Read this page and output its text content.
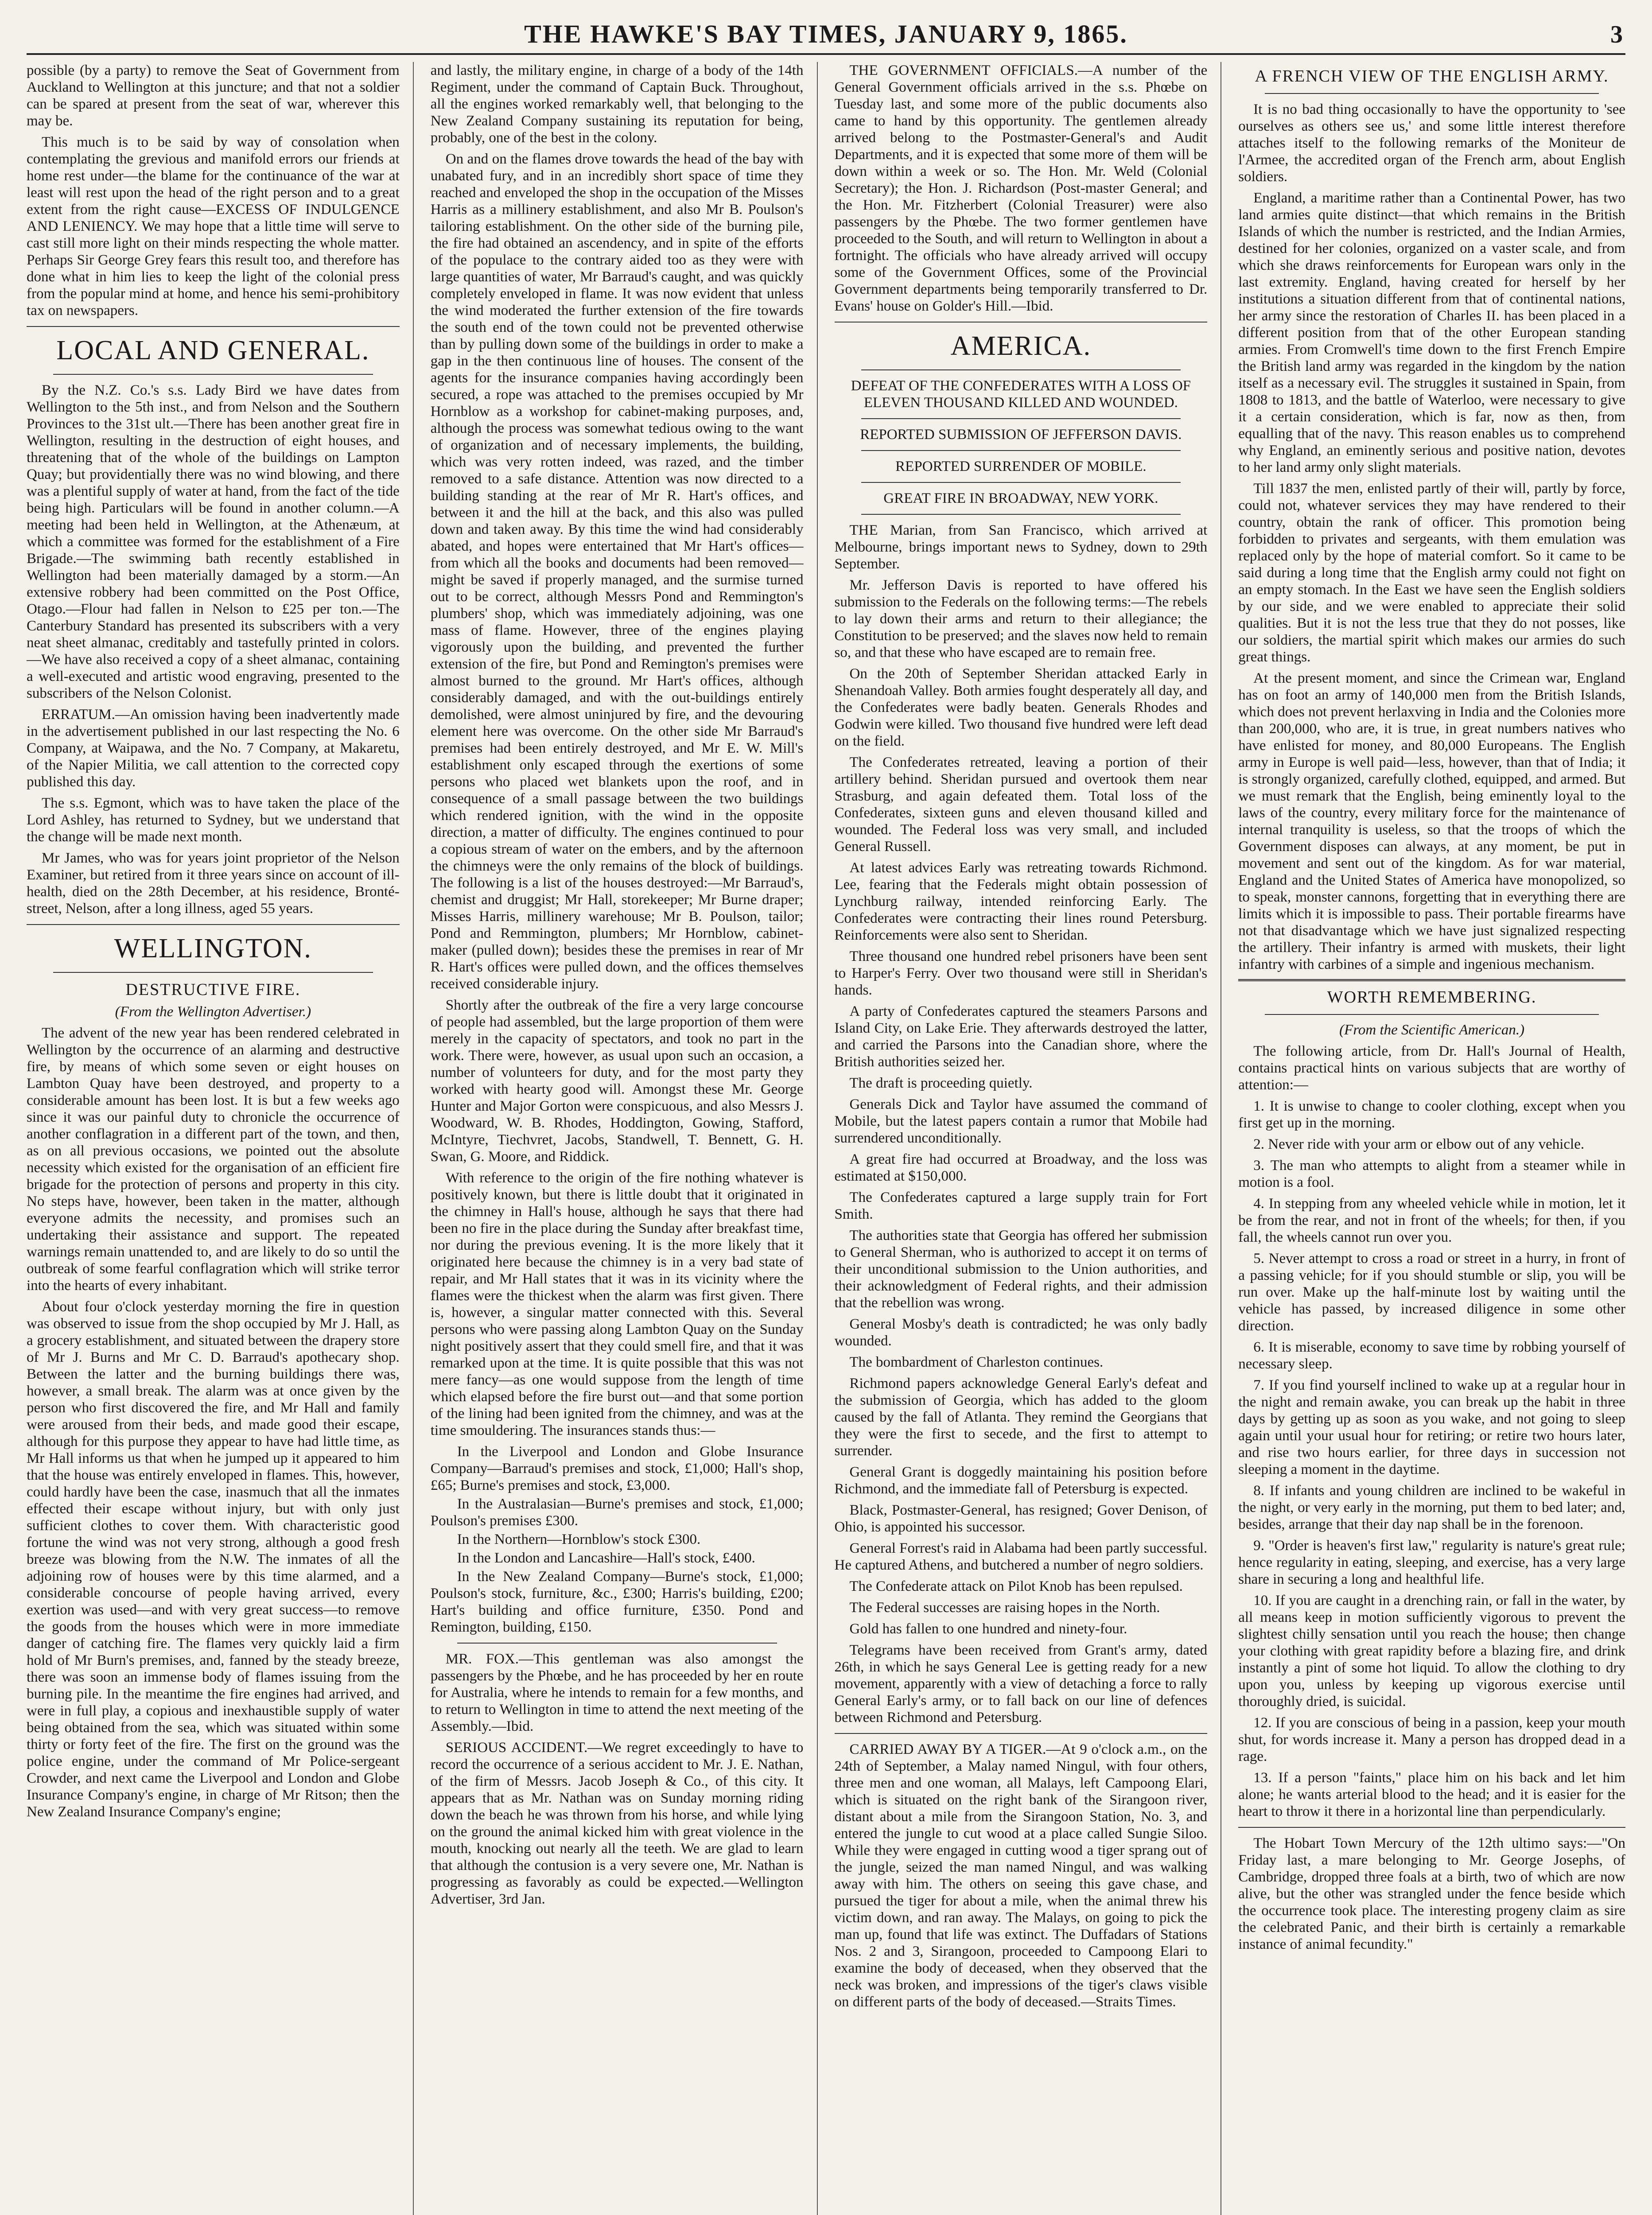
THE HAWKE'S BAY TIMES, JANUARY 9, 1865.	3

possible (by a party) to remove the Seat of Government from Auckland to Wellington at this juncture; and that not a soldier can be spared at present from the seat of war, wherever this may be.

This much is to be said by way of consolation when contemplating the grevious and manifold errors our friends at home rest under—the blame for the continuance of the war at least will rest upon the head of the right person and to a great extent from the right cause—EXCESS OF INDULGENCE AND LENIENCY. We may hope that a little time will serve to cast still more light on their minds respecting the whole matter. Perhaps Sir George Grey fears this result too, and therefore has done what in him lies to keep the light of the colonial press from the popular mind at home, and hence his semi-prohibitory tax on newspapers.

LOCAL AND GENERAL.

By the N.Z. Co.'s s.s. Lady Bird we have dates from Wellington to the 5th inst., and from Nelson and the Southern Provinces to the 31st ult.—There has been another great fire in Wellington, resulting in the destruction of eight houses, and threatening that of the whole of the buildings on Lampton Quay; but providentially there was no wind blowing, and there was a plentiful supply of water at hand, from the fact of the tide being high. Particulars will be found in another column.—A meeting had been held in Wellington, at the Athenæum, at which a committee was formed for the establishment of a Fire Brigade.—The swimming bath recently established in Wellington had been materially damaged by a storm.—An extensive robbery had been committed on the Post Office, Otago.—Flour had fallen in Nelson to £25 per ton.—The Canterbury Standard has presented its subscribers with a very neat sheet almanac, creditably and tastefully printed in colors.—We have also received a copy of a sheet almanac, containing a well-executed and artistic wood engraving, presented to the subscribers of the Nelson Colonist.

ERRATUM.—An omission having been inadvertently made in the advertisement published in our last respecting the No. 6 Company, at Waipawa, and the No. 7 Company, at Makaretu, of the Napier Militia, we call attention to the corrected copy published this day.

The s.s. Egmont, which was to have taken the place of the Lord Ashley, has returned to Sydney, but we understand that the change will be made next month.

Mr James, who was for years joint proprietor of the Nelson Examiner, but retired from it three years since on account of ill-health, died on the 28th December, at his residence, Bronté-street, Nelson, after a long illness, aged 55 years.

WELLINGTON.
DESTRUCTIVE FIRE.
(From the Wellington Advertiser.)

The advent of the new year has been rendered celebrated in Wellington by the occurrence of an alarming and destructive fire, by means of which some seven or eight houses on Lambton Quay have been destroyed, and property to a considerable amount has been lost. It is but a few weeks ago since it was our painful duty to chronicle the occurrence of another conflagration in a different part of the town, and then, as on all previous occasions, we pointed out the absolute necessity which existed for the organisation of an efficient fire brigade for the protection of persons and property in this city. No steps have, however, been taken in the matter, although everyone admits the necessity, and promises such an undertaking their assistance and support. The repeated warnings remain unattended to, and are likely to do so until the outbreak of some fearful conflagration which will strike terror into the hearts of every inhabitant.

About four o'clock yesterday morning the fire in question was observed to issue from the shop occupied by Mr J. Hall, as a grocery establishment, and situated between the drapery store of Mr J. Burns and Mr C. D. Barraud's apothecary shop. Between the latter and the burning buildings there was, however, a small break. The alarm was at once given by the person who first discovered the fire, and Mr Hall and family were aroused from their beds, and made good their escape, although for this purpose they appear to have had little time, as Mr Hall informs us that when he jumped up it appeared to him that the house was entirely enveloped in flames. This, however, could hardly have been the case, inasmuch that all the inmates effected their escape without injury, but with only just sufficient clothes to cover them. With characteristic good fortune the wind was not very strong, although a good fresh breeze was blowing from the N.W. The inmates of all the adjoining row of houses were by this time alarmed, and a considerable concourse of people having arrived, every exertion was used—and with very great success—to remove the goods from the houses which were in more immediate danger of catching fire. The flames very quickly laid a firm hold of Mr Burn's premises, and, fanned by the steady breeze, there was soon an immense body of flames issuing from the burning pile. In the meantime the fire engines had arrived, and were in full play, a copious and inexhaustible supply of water being obtained from the sea, which was situated within some thirty or forty feet of the fire. The first on the ground was the police engine, under the command of Mr Police-sergeant Crowder, and next came the Liverpool and London and Globe Insurance Company's engine, in charge of Mr Ritson; then the New Zealand Insurance Company's engine;

and lastly, the military engine, in charge of a body of the 14th Regiment, under the command of Captain Buck. Throughout, all the engines worked remarkably well, that belonging to the New Zealand Company sustaining its reputation for being, probably, one of the best in the colony.

On and on the flames drove towards the head of the bay with unabated fury, and in an incredibly short space of time they reached and enveloped the shop in the occupation of the Misses Harris as a millinery establishment, and also Mr B. Poulson's tailoring establishment. On the other side of the burning pile, the fire had obtained an ascendency, and in spite of the efforts of the populace to the contrary aided too as they were with large quantities of water, Mr Barraud's caught, and was quickly completely enveloped in flame. It was now evident that unless the wind moderated the further extension of the fire towards the south end of the town could not be prevented otherwise than by pulling down some of the buildings in order to make a gap in the then continuous line of houses. The consent of the agents for the insurance companies having accordingly been secured, a rope was attached to the premises occupied by Mr Hornblow as a workshop for cabinet-making purposes, and, although the process was somewhat tedious owing to the want of organization and of necessary implements, the building, which was very rotten indeed, was razed, and the timber removed to a safe distance. Attention was now directed to a building standing at the rear of Mr R. Hart's offices, and between it and the hill at the back, and this also was pulled down and taken away. By this time the wind had considerably abated, and hopes were entertained that Mr Hart's offices—from which all the books and documents had been removed—might be saved if properly managed, and the surmise turned out to be correct, although Messrs Pond and Remmington's plumbers' shop, which was immediately adjoining, was one mass of flame. However, three of the engines playing vigorously upon the building, and prevented the further extension of the fire, but Pond and Remington's premises were almost burned to the ground. Mr Hart's offices, although considerably damaged, and with the out-buildings entirely demolished, were almost uninjured by fire, and the devouring element here was overcome. On the other side Mr Barraud's premises had been entirely destroyed, and Mr E. W. Mill's establishment only escaped through the exertions of some persons who placed wet blankets upon the roof, and in consequence of a small passage between the two buildings which rendered ignition, with the wind in the opposite direction, a matter of difficulty. The engines continued to pour a copious stream of water on the embers, and by the afternoon the chimneys were the only remains of the block of buildings. The following is a list of the houses destroyed:—Mr Barraud's, chemist and druggist; Mr Hall, storekeeper; Mr Burne draper; Misses Harris, millinery warehouse; Mr B. Poulson, tailor; Pond and Remmington, plumbers; Mr Hornblow, cabinet-maker (pulled down); besides these the premises in rear of Mr R. Hart's offices were pulled down, and the offices themselves received considerable injury.

Shortly after the outbreak of the fire a very large concourse of people had assembled, but the large proportion of them were merely in the capacity of spectators, and took no part in the work. There were, however, as usual upon such an occasion, a number of volunteers for duty, and for the most party they worked with hearty good will. Amongst these Mr. George Hunter and Major Gorton were conspicuous, and also Messrs J. Woodward, W. B. Rhodes, Hoddington, Gowing, Stafford, McIntyre, Tiechvret, Jacobs, Standwell, T. Bennett, G. H. Swan, G. Moore, and Riddick.

With reference to the origin of the fire nothing whatever is positively known, but there is little doubt that it originated in the chimney in Hall's house, although he says that there had been no fire in the place during the Sunday after breakfast time, nor during the previous evening. It is the more likely that it originated here because the chimney is in a very bad state of repair, and Mr Hall states that it was in its vicinity where the flames were the thickest when the alarm was first given. There is, however, a singular matter connected with this. Several persons who were passing along Lambton Quay on the Sunday night positively assert that they could smell fire, and that it was remarked upon at the time. It is quite possible that this was not mere fancy—as one would suppose from the length of time which elapsed before the fire burst out—and that some portion of the lining had been ignited from the chimney, and was at the time smouldering. The insurances stands thus:—

In the Liverpool and London and Globe Insurance Company—Barraud's premises and stock, £1,000; Hall's shop, £65; Burne's premises and stock, £3,000.

In the Australasian—Burne's premises and stock, £1,000; Poulson's premises £300.

In the Northern—Hornblow's stock £300.

In the London and Lancashire—Hall's stock, £400.

In the New Zealand Company—Burne's stock, £1,000; Poulson's stock, furniture, &c., £300; Harris's building, £200; Hart's building and office furniture, £350. Pond and Remington, building, £150.

MR. FOX.—This gentleman was also amongst the passengers by the Phœbe, and he has proceeded by her en route for Australia, where he intends to remain for a few months, and to return to Wellington in time to attend the next meeting of the Assembly.—Ibid.

SERIOUS ACCIDENT.—We regret exceedingly to have to record the occurrence of a serious accident to Mr. J. E. Nathan, of the firm of Messrs. Jacob Joseph & Co., of this city. It appears that as Mr. Nathan was on Sunday morning riding down the beach he was thrown from his horse, and while lying on the ground the animal kicked him with great violence in the mouth, knocking out nearly all the teeth. We are glad to learn that although the contusion is a very severe one, Mr. Nathan is progressing as favorably as could be expected.—Wellington Advertiser, 3rd Jan.

THE GOVERNMENT OFFICIALS.—A number of the General Government officials arrived in the s.s. Phœbe on Tuesday last, and some more of the public documents also came to hand by this opportunity. The gentlemen already arrived belong to the Postmaster-General's and Audit Departments, and it is expected that some more of them will be down within a week or so. The Hon. Mr. Weld (Colonial Secretary); the Hon. J. Richardson (Post-master General; and the Hon. Mr. Fitzherbert (Colonial Treasurer) were also passengers by the Phœbe. The two former gentlemen have proceeded to the South, and will return to Wellington in about a fortnight. The officials who have already arrived will occupy some of the Government Offices, some of the Provincial Government departments being temporarily transferred to Dr. Evans' house on Golder's Hill.—Ibid.

AMERICA.
DEFEAT OF THE CONFEDERATES WITH A LOSS OF ELEVEN THOUSAND KILLED AND WOUNDED.
REPORTED SUBMISSION OF JEFFERSON DAVIS.
REPORTED SURRENDER OF MOBILE.
GREAT FIRE IN BROADWAY, NEW YORK.

THE Marian, from San Francisco, which arrived at Melbourne, brings important news to Sydney, down to 29th September.

Mr. Jefferson Davis is reported to have offered his submission to the Federals on the following terms:—The rebels to lay down their arms and return to their allegiance; the Constitution to be preserved; and the slaves now held to remain so, and that these who have escaped are to remain free.

On the 20th of September Sheridan attacked Early in Shenandoah Valley. Both armies fought desperately all day, and the Confederates were badly beaten. Generals Rhodes and Godwin were killed. Two thousand five hundred were left dead on the field.

The Confederates retreated, leaving a portion of their artillery behind. Sheridan pursued and overtook them near Strasburg, and again defeated them. Total loss of the Confederates, sixteen guns and eleven thousand killed and wounded. The Federal loss was very small, and included General Russell.

At latest advices Early was retreating towards Richmond. Lee, fearing that the Federals might obtain possession of Lynchburg railway, intended reinforcing Early. The Confederates were contracting their lines round Petersburg. Reinforcements were also sent to Sheridan.

Three thousand one hundred rebel prisoners have been sent to Harper's Ferry. Over two thousand were still in Sheridan's hands.

A party of Confederates captured the steamers Parsons and Island City, on Lake Erie. They afterwards destroyed the latter, and carried the Parsons into the Canadian shore, where the British authorities seized her.

The draft is proceeding quietly.

Generals Dick and Taylor have assumed the command of Mobile, but the latest papers contain a rumor that Mobile had surrendered unconditionally.

A great fire had occurred at Broadway, and the loss was estimated at $150,000.

The Confederates captured a large supply train for Fort Smith.

The authorities state that Georgia has offered her submission to General Sherman, who is authorized to accept it on terms of their unconditional submission to the Union authorities, and their acknowledgment of Federal rights, and their admission that the rebellion was wrong.

General Mosby's death is contradicted; he was only badly wounded.

The bombardment of Charleston continues.

Richmond papers acknowledge General Early's defeat and the submission of Georgia, which has added to the gloom caused by the fall of Atlanta. They remind the Georgians that they were the first to secede, and the first to attempt to surrender.

General Grant is doggedly maintaining his position before Richmond, and the immediate fall of Petersburg is expected.

Black, Postmaster-General, has resigned; Gover Denison, of Ohio, is appointed his successor.

General Forrest's raid in Alabama had been partly successful. He captured Athens, and butchered a number of negro soldiers.

The Confederate attack on Pilot Knob has been repulsed.

The Federal successes are raising hopes in the North.

Gold has fallen to one hundred and ninety-four.

Telegrams have been received from Grant's army, dated 26th, in which he says General Lee is getting ready for a new movement, apparently with a view of detaching a force to rally General Early's army, or to fall back on our line of defences between Richmond and Petersburg.

CARRIED AWAY BY A TIGER.—At 9 o'clock a.m., on the 24th of September, a Malay named Ningul, with four others, three men and one woman, all Malays, left Campoong Elari, which is situated on the right bank of the Sirangoon river, distant about a mile from the Sirangoon Station, No. 3, and entered the jungle to cut wood at a place called Sungie Siloo. While they were engaged in cutting wood a tiger sprang out of the jungle, seized the man named Ningul, and was walking away with him. The others on seeing this gave chase, and pursued the tiger for about a mile, when the animal threw his victim down, and ran away. The Malays, on going to pick the man up, found that life was extinct. The Duffadars of Stations Nos. 2 and 3, Sirangoon, proceeded to Campoong Elari to examine the body of deceased, when they observed that the neck was broken, and impressions of the tiger's claws visible on different parts of the body of deceased.—Straits Times.

A FRENCH VIEW OF THE ENGLISH ARMY.

It is no bad thing occasionally to have the opportunity to 'see ourselves as others see us,' and some little interest therefore attaches itself to the following remarks of the Moniteur de l'Armee, the accredited organ of the French arm, about English soldiers.

England, a maritime rather than a Continental Power, has two land armies quite distinct—that which remains in the British Islands of which the number is restricted, and the Indian Armies, destined for her colonies, organized on a vaster scale, and from which she draws reinforcements for European wars only in the last extremity. England, having created for herself by her institutions a situation different from that of continental nations, her army since the restoration of Charles II. has been placed in a different position from that of the other European standing armies. From Cromwell's time down to the first French Empire the British land army was regarded in the kingdom by the nation itself as a necessary evil. The struggles it sustained in Spain, from 1808 to 1813, and the battle of Waterloo, were necessary to give it a certain consideration, which is far, now as then, from equalling that of the navy. This reason enables us to comprehend why England, an eminently serious and positive nation, devotes to her land army only slight materials.

Till 1837 the men, enlisted partly of their will, partly by force, could not, whatever services they may have rendered to their country, obtain the rank of officer. This promotion being forbidden to privates and sergeants, with them emulation was replaced only by the hope of material comfort. So it came to be said during a long time that the English army could not fight on an empty stomach. In the East we have seen the English soldiers by our side, and we were enabled to appreciate their solid qualities. But it is not the less true that they do not posses, like our soldiers, the martial spirit which makes our armies do such great things.

At the present moment, and since the Crimean war, England has on foot an army of 140,000 men from the British Islands, which does not prevent herlaxving in India and the Colonies more than 200,000, who are, it is true, in great numbers natives who have enlisted for money, and 80,000 Europeans. The English army in Europe is well paid—less, however, than that of India; it is strongly organized, carefully clothed, equipped, and armed. But we must remark that the English, being eminently loyal to the laws of the country, every military force for the maintenance of internal tranquility is useless, so that the troops of which the Government disposes can always, at any moment, be put in movement and sent out of the kingdom. As for war material, England and the United States of America have monopolized, so to speak, monster cannons, forgetting that in everything there are limits which it is impossible to pass. Their portable firearms have not that disadvantage which we have just signalized respecting the artillery. Their infantry is armed with muskets, their light infantry with carbines of a simple and ingenious mechanism.

WORTH REMEMBERING.
(From the Scientific American.)

The following article, from Dr. Hall's Journal of Health, contains practical hints on various subjects that are worthy of attention:—

1. It is unwise to change to cooler clothing, except when you first get up in the morning.

2. Never ride with your arm or elbow out of any vehicle.

3. The man who attempts to alight from a steamer while in motion is a fool.

4. In stepping from any wheeled vehicle while in motion, let it be from the rear, and not in front of the wheels; for then, if you fall, the wheels cannot run over you.

5. Never attempt to cross a road or street in a hurry, in front of a passing vehicle; for if you should stumble or slip, you will be run over. Make up the half-minute lost by waiting until the vehicle has passed, by increased diligence in some other direction.

6. It is miserable, economy to save time by robbing yourself of necessary sleep.

7. If you find yourself inclined to wake up at a regular hour in the night and remain awake, you can break up the habit in three days by getting up as soon as you wake, and not going to sleep again until your usual hour for retiring; or retire two hours later, and rise two hours earlier, for three days in succession not sleeping a moment in the daytime.

8. If infants and young children are inclined to be wakeful in the night, or very early in the morning, put them to bed later; and, besides, arrange that their day nap shall be in the forenoon.

9. "Order is heaven's first law," regularity is nature's great rule; hence regularity in eating, sleeping, and exercise, has a very large share in securing a long and healthful life.

10. If you are caught in a drenching rain, or fall in the water, by all means keep in motion sufficiently vigorous to prevent the slightest chilly sensation until you reach the house; then change your clothing with great rapidity before a blazing fire, and drink instantly a pint of some hot liquid. To allow the clothing to dry upon you, unless by keeping up vigorous exercise until thoroughly dried, is suicidal.

12. If you are conscious of being in a passion, keep your mouth shut, for words increase it. Many a person has dropped dead in a rage.

13. If a person "faints," place him on his back and let him alone; he wants arterial blood to the head; and it is easier for the heart to throw it there in a horizontal line than perpendicularly.

The Hobart Town Mercury of the 12th ultimo says:—"On Friday last, a mare belonging to Mr. George Josephs, of Cambridge, dropped three foals at a birth, two of which are now alive, but the other was strangled under the fence beside which the occurrence took place. The interesting progeny claim as sire the celebrated Panic, and their birth is certainly a remarkable instance of animal fecundity."
